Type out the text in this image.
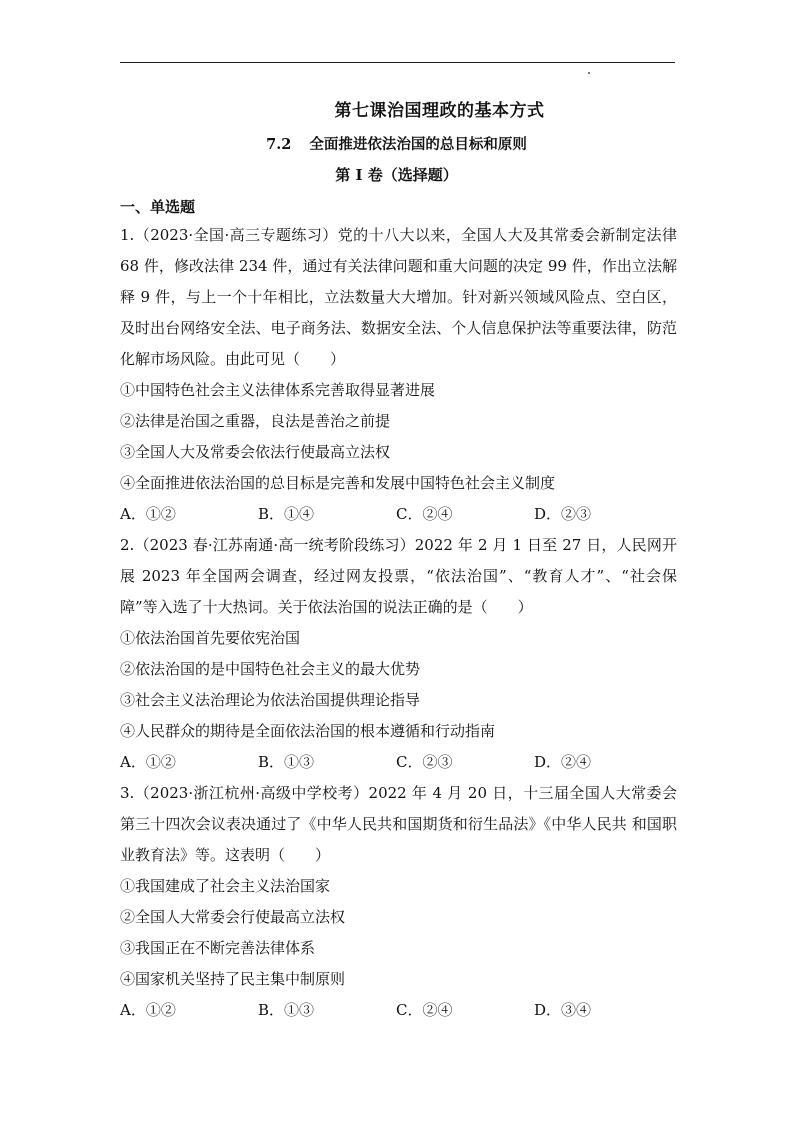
第七课治国理政的基本方式
7.2 全面推进依法治国的总目标和原则
第 I 卷（选择题）
一、单选题
1.（2023·全国·高三专题练习）党的十八大以来，全国人大及其常委会新制定法律 68 件，修改法律 234 件，通过有关法律问题和重大问题的决定 99 件，作出立法解释 9 件，与上一个十年相比，立法数量大大增加。针对新兴领域风险点、空白区，及时出台网络安全法、电子商务法、数据安全法、个人信息保护法等重要法律，防范化解市场风险。由此可见（　　）
①中国特色社会主义法律体系完善取得显著进展
②法律是治国之重器，良法是善治之前提
③全国人大及常委会依法行使最高立法权
④全面推进依法治国的总目标是完善和发展中国特色社会主义制度
A．①②	B．①④	C．②④	D．②③
2.（2023 春·江苏南通·高一统考阶段练习）2022 年 2 月 1 日至 27 日，人民网开展 2023 年全国两会调查，经过网友投票，“依法治国”、“教育人才”、“社会保障”等入选了十大热词。关于依法治国的说法正确的是（　　）
①依法治国首先要依宪治国
②依法治国的是中国特色社会主义的最大优势
③社会主义法治理论为依法治国提供理论指导
④人民群众的期待是全面依法治国的根本遵循和行动指南
A．①②	B．①③	C．②③	D．②④
3.（2023·浙江杭州·高级中学校考）2022 年 4 月 20 日，十三届全国人大常委会第三十四次会议表决通过了《中华人民共和国期货和衍生品法》《中华人民共 和国职业教育法》等。这表明（　　）
①我国建成了社会主义法治国家
②全国人大常委会行使最高立法权
③我国正在不断完善法律体系
④国家机关坚持了民主集中制原则
A．①②	B．①③	C．②④	D．③④
